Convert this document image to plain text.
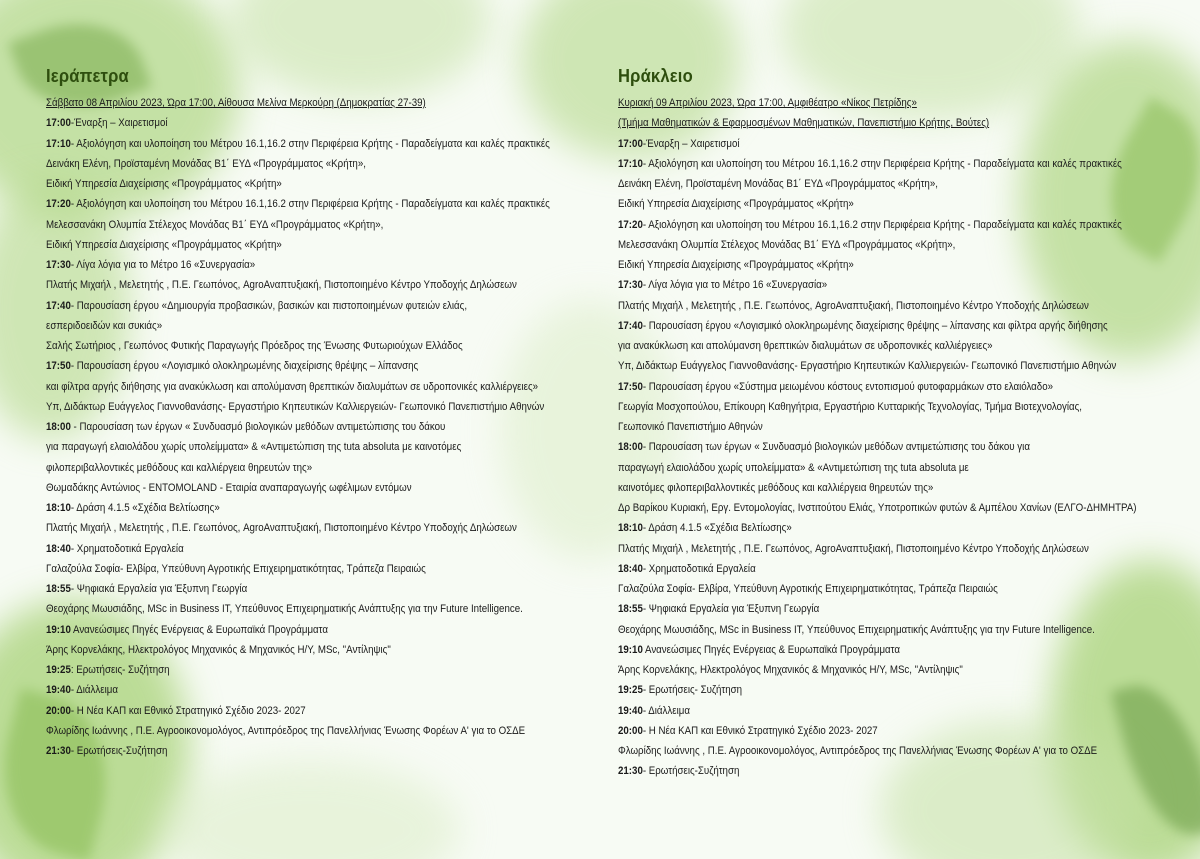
Ιεράπετρα
Σάββατο 08 Απριλίου 2023, Ώρα 17:00, Αίθουσα Μελίνα Μερκούρη (Δημοκρατίας 27-39)
17:00-Έναρξη – Χαιρετισμοί
17:10- Αξιολόγηση και υλοποίηση του Μέτρου 16.1,16.2 στην Περιφέρεια Κρήτης - Παραδείγματα και καλές πρακτικές
Δεινάκη Ελένη, Προϊσταμένη Μονάδας Β1΄ ΕΥΔ «Προγράμματος «Κρήτη»,
Ειδική Υπηρεσία Διαχείρισης «Προγράμματος «Κρήτη»
17:20- Αξιολόγηση και υλοποίηση του Μέτρου 16.1,16.2 στην Περιφέρεια Κρήτης - Παραδείγματα και καλές πρακτικές
Μελεσσανάκη Ολυμπία Στέλεχος Μονάδας Β1΄ ΕΥΔ «Προγράμματος «Κρήτη»,
Ειδική Υπηρεσία Διαχείρισης «Προγράμματος «Κρήτη»
17:30- Λίγα λόγια για το Μέτρο 16 «Συνεργασία»
Πλατής Μιχαήλ , Μελετητής , Π.Ε. Γεωπόνος, AgroΑναπτυξιακή, Πιστοποιημένο Κέντρο Υποδοχής Δηλώσεων
17:40- Παρουσίαση έργου «Δημιουργία προβασικών, βασικών και πιστοποιημένων φυτειών ελιάς,
εσπεριδοειδών και συκιάς»
Σαλής Σωτήριος , Γεωπόνος Φυτικής Παραγωγής Πρόεδρος της Ένωσης Φυτωριούχων Ελλάδος
17:50- Παρουσίαση έργου «Λογισμικό ολοκληρωμένης διαχείρισης θρέψης – λίπανσης
και φίλτρα αργής διήθησης για ανακύκλωση και απολύμανση θρεπτικών διαλυμάτων σε υδροπονικές καλλιέργειες»
Υπ, Διδάκτωρ Ευάγγελος Γιαννοθανάσης- Εργαστήριο Κηπευτικών Καλλιεργειών- Γεωπονικό Πανεπιστήμιο Αθηνών
18:00 - Παρουσίαση των έργων « Συνδυασμό βιολογικών μεθόδων αντιμετώπισης του δάκου
για παραγωγή ελαιολάδου χωρίς υπολείμματα» & «Αντιμετώπιση της tuta absoluta με καινοτόμες
φιλοπεριβαλλοντικές μεθόδους και καλλιέργεια θηρευτών της»
Θωμαδάκης Αντώνιος - ENTOMOLAND - Εταιρία αναπαραγωγής ωφέλιμων εντόμων
18:10- Δράση 4.1.5 «Σχέδια Βελτίωσης»
Πλατής Μιχαήλ , Μελετητής , Π.Ε. Γεωπόνος, AgroΑναπτυξιακή, Πιστοποιημένο Κέντρο Υποδοχής Δηλώσεων
18:40- Χρηματοδοτικά Εργαλεία
Γαλαζούλα Σοφία- Ελβίρα, Υπεύθυνη Αγροτικής Επιχειρηματικότητας, Τράπεζα Πειραιώς
18:55- Ψηφιακά Εργαλεία για Έξυπνη Γεωργία
Θεοχάρης Μωυσιάδης, MSc in Business IT, Υπεύθυνος Επιχειρηματικής Ανάπτυξης για την Future Intelligence.
19:10 Ανανεώσιμες Πηγές Ενέργειας & Ευρωπαϊκά Προγράμματα
Άρης Κορνελάκης, Ηλεκτρολόγος Μηχανικός & Μηχανικός Η/Υ, MSc, "Αντίληψις"
19:25: Ερωτήσεις- Συζήτηση
19:40- Διάλλειμα
20:00- Η Νέα ΚΑΠ και Εθνικό Στρατηγικό Σχέδιο 2023- 2027
Φλωρίδης Ιωάννης , Π.Ε. Αγροοικονομολόγος, Αντιπρόεδρος της Πανελλήνιας Ένωσης Φορέων Α' για το ΟΣΔΕ
21:30- Ερωτήσεις-Συζήτηση
Ηράκλειο
Κυριακή 09 Απριλίου 2023, Ώρα 17:00, Αμφιθέατρο «Νίκος Πετρίδης»
(Τμήμα Μαθηματικών & Εφαρμοσμένων Μαθηματικών, Πανεπιστήμιο Κρήτης, Βούτες)
17:00-Έναρξη – Χαιρετισμοί
17:10- Αξιολόγηση και υλοποίηση του Μέτρου 16.1,16.2 στην Περιφέρεια Κρήτης - Παραδείγματα και καλές πρακτικές
Δεινάκη Ελένη, Προϊσταμένη Μονάδας Β1΄ ΕΥΔ «Προγράμματος «Κρήτη»,
Ειδική Υπηρεσία Διαχείρισης «Προγράμματος «Κρήτη»
17:20- Αξιολόγηση και υλοποίηση του Μέτρου 16.1,16.2 στην Περιφέρεια Κρήτης - Παραδείγματα και καλές πρακτικές
Μελεσσανάκη Ολυμπία Στέλεχος Μονάδας Β1΄ ΕΥΔ «Προγράμματος «Κρήτη»,
Ειδική Υπηρεσία Διαχείρισης «Προγράμματος «Κρήτη»
17:30- Λίγα λόγια για το Μέτρο 16 «Συνεργασία»
Πλατής Μιχαήλ , Μελετητής , Π.Ε. Γεωπόνος, AgroΑναπτυξιακή, Πιστοποιημένο Κέντρο Υποδοχής Δηλώσεων
17:40- Παρουσίαση έργου «Λογισμικό ολοκληρωμένης διαχείρισης θρέψης – λίπανσης και φίλτρα αργής διήθησης
για ανακύκλωση και απολύμανση θρεπτικών διαλυμάτων σε υδροπονικές καλλιέργειες»
Υπ, Διδάκτωρ Ευάγγελος Γιαννοθανάσης- Εργαστήριο Κηπευτικών Καλλιεργειών- Γεωπονικό Πανεπιστήμιο Αθηνών
17:50- Παρουσίαση έργου «Σύστημα μειωμένου κόστους εντοπισμού φυτοφαρμάκων στο ελαιόλαδο»
Γεωργία Μοσχοπούλου, Επίκουρη Καθηγήτρια, Εργαστήριο Κυτταρικής Τεχνολογίας, Τμήμα Βιοτεχνολογίας,
Γεωπονικό Πανεπιστήμιο Αθηνών
18:00- Παρουσίαση των έργων « Συνδυασμό βιολογικών μεθόδων αντιμετώπισης του δάκου για
παραγωγή ελαιολάδου χωρίς υπολείμματα» & «Αντιμετώπιση της tuta absoluta με
καινοτόμες φιλοπεριβαλλοντικές μεθόδους και καλλιέργεια θηρευτών της»
Δρ Βαρίκου Κυριακή, Εργ. Εντομολογίας, Ινστιτούτου Ελιάς, Υποτροπικών φυτών & Αμπέλου Χανίων (ΕΛΓΟ-ΔΗΜΗΤΡΑ)
18:10- Δράση 4.1.5 «Σχέδια Βελτίωσης»
Πλατής Μιχαήλ , Μελετητής , Π.Ε. Γεωπόνος, AgroΑναπτυξιακή, Πιστοποιημένο Κέντρο Υποδοχής Δηλώσεων
18:40- Χρηματοδοτικά Εργαλεία
Γαλαζούλα Σοφία- Ελβίρα, Υπεύθυνη Αγροτικής Επιχειρηματικότητας, Τράπεζα Πειραιώς
18:55- Ψηφιακά Εργαλεία για Έξυπνη Γεωργία
Θεοχάρης Μωυσιάδης, MSc in Business IT, Υπεύθυνος Επιχειρηματικής Ανάπτυξης για την Future Intelligence.
19:10 Ανανεώσιμες Πηγές Ενέργειας & Ευρωπαϊκά Προγράμματα
Άρης Κορνελάκης, Ηλεκτρολόγος Μηχανικός & Μηχανικός Η/Υ, MSc, "Αντίληψις"
19:25- Ερωτήσεις- Συζήτηση
19:40- Διάλλειμα
20:00- Η Νέα ΚΑΠ και Εθνικό Στρατηγικό Σχέδιο 2023- 2027
Φλωρίδης Ιωάννης , Π.Ε. Αγροοικονομολόγος, Αντιπρόεδρος της Πανελλήνιας Ένωσης Φορέων Α' για το ΟΣΔΕ
21:30- Ερωτήσεις-Συζήτηση
